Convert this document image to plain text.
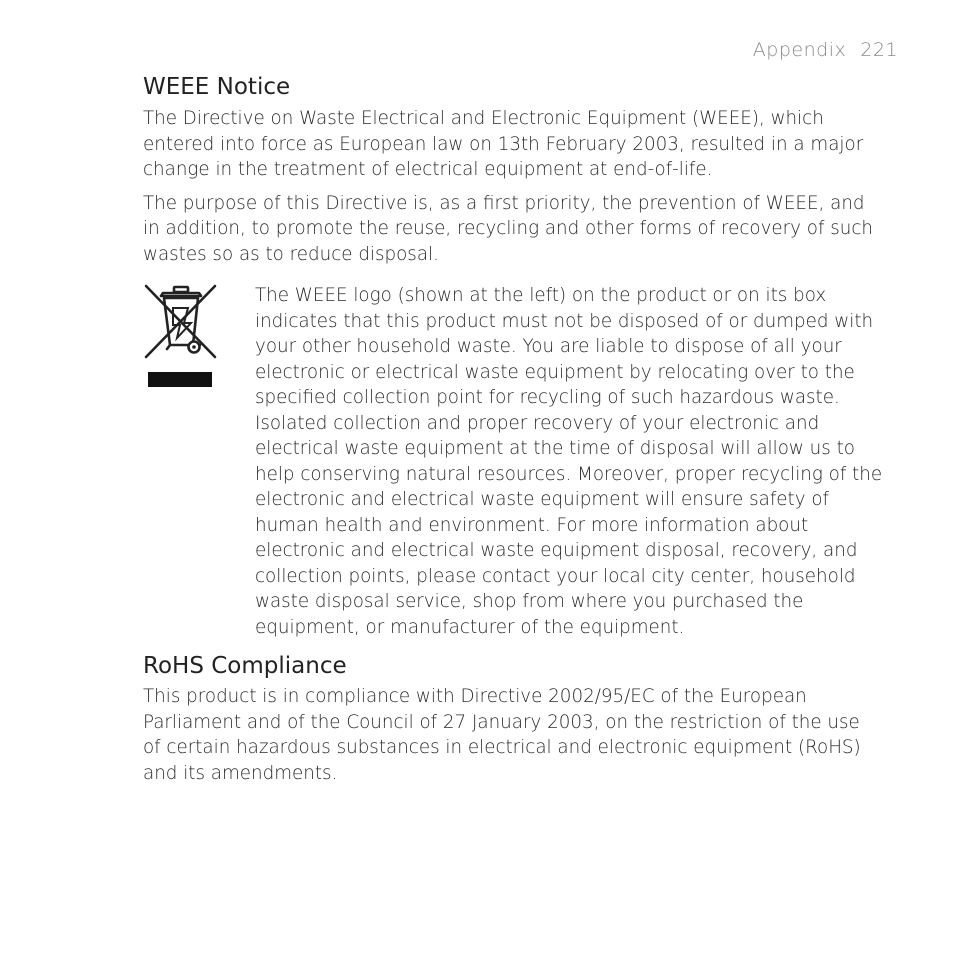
Appendix 221
WEEE Notice

The Directive on Waste Electrical and Electronic Equipment (WEEE), which entered into force as European law on 13th February 2003, resulted in a major change in the treatment of electrical equipment at end-of-life.

The purpose of this Directive is, as a first priority, the prevention of WEEE, and in addition, to promote the reuse, recycling and other forms of recovery of such wastes so as to reduce disposal.

The WEEE logo (shown at the left) on the product or on its box indicates that this product must not be disposed of or dumped with your other household waste. You are liable to dispose of all your electronic or electrical waste equipment by relocating over to the specified collection point for recycling of such hazardous waste. Isolated collection and proper recovery of your electronic and electrical waste equipment at the time of disposal will allow us to help conserving natural resources. Moreover, proper recycling of the electronic and electrical waste equipment will ensure safety of human health and environment. For more information about electronic and electrical waste equipment disposal, recovery, and collection points, please contact your local city center, household waste disposal service, shop from where you purchased the equipment, or manufacturer of the equipment.

RoHS Compliance

This product is in compliance with Directive 2002/95/EC of the European Parliament and of the Council of 27 January 2003, on the restriction of the use of certain hazardous substances in electrical and electronic equipment (RoHS) and its amendments.
